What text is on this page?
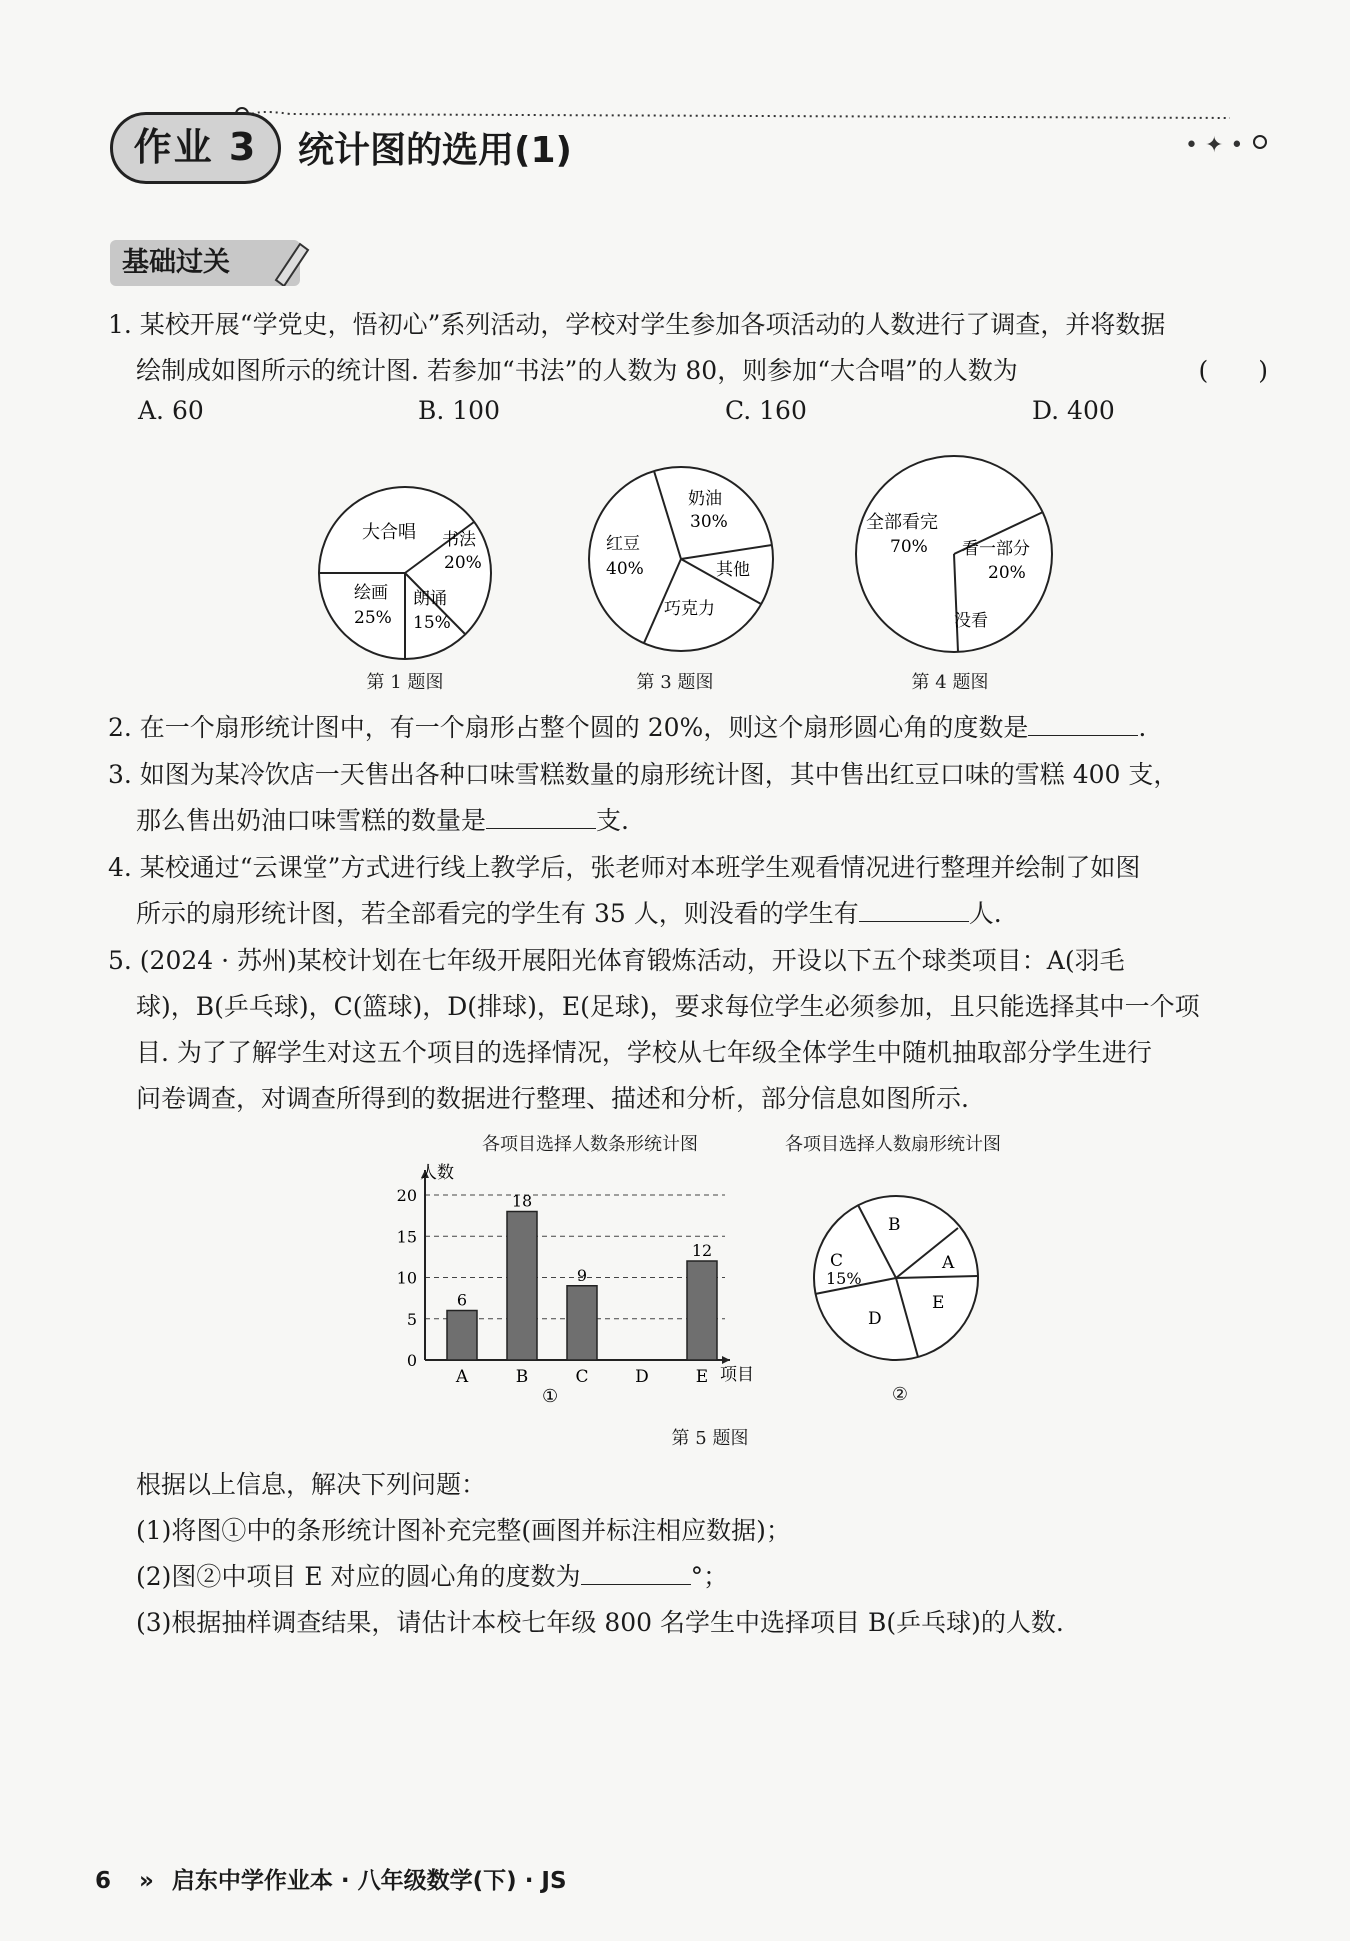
• ✦ •
作业 3	统计图的选用(1)
基础过关
1. 某校开展“学党史，悟初心”系列活动，学校对学生参加各项活动的人数进行了调查，并将数据
绘制成如图所示的统计图. 若参加“书法”的人数为 80，则参加“大合唱”的人数为	(　　)
A. 60	B. 100	C. 160	D. 400
大合唱 书法
20%
绘画
25%
朗诵
15%
第 1 题图
奶油
30%
红豆
40%	其他
巧克力
第 3 题图
全部看完
70% 看一部分
20%
没看
第 4 题图
2. 在一个扇形统计图中，有一个扇形占整个圆的 20%，则这个扇形圆心角的度数是	.
3. 如图为某冷饮店一天售出各种口味雪糕数量的扇形统计图，其中售出红豆口味的雪糕 400 支，
那么售出奶油口味雪糕的数量是	支.
4. 某校通过“云课堂”方式进行线上教学后，张老师对本班学生观看情况进行整理并绘制了如图
所示的扇形统计图，若全部看完的学生有 35 人，则没看的学生有	人.
5. (2024 · 苏州)某校计划在七年级开展阳光体育锻炼活动，开设以下五个球类项目：A(羽毛
球)，B(乒乓球)，C(篮球)，D(排球)，E(足球)，要求每位学生必须参加，且只能选择其中一个项
目. 为了了解学生对这五个项目的选择情况，学校从七年级全体学生中随机抽取部分学生进行
问卷调查，对调查所得到的数据进行整理、描述和分析，部分信息如图所示.
各项目选择人数条形统计图
0
5
10
15
20
6
A
18
B
9
C	D
12
E
人数
项目
①
各项目选择人数扇形统计图
B
A
C
15%
D
E
②
第 5 题图
根据以上信息，解决下列问题：
(1)将图①中的条形统计图补充完整(画图并标注相应数据)；
(2)图②中项目 E 对应的圆心角的度数为	°；
(3)根据抽样调查结果，请估计本校七年级 800 名学生中选择项目 B(乒乓球)的人数.
6 » 启东中学作业本 · 八年级数学(下) · JS
